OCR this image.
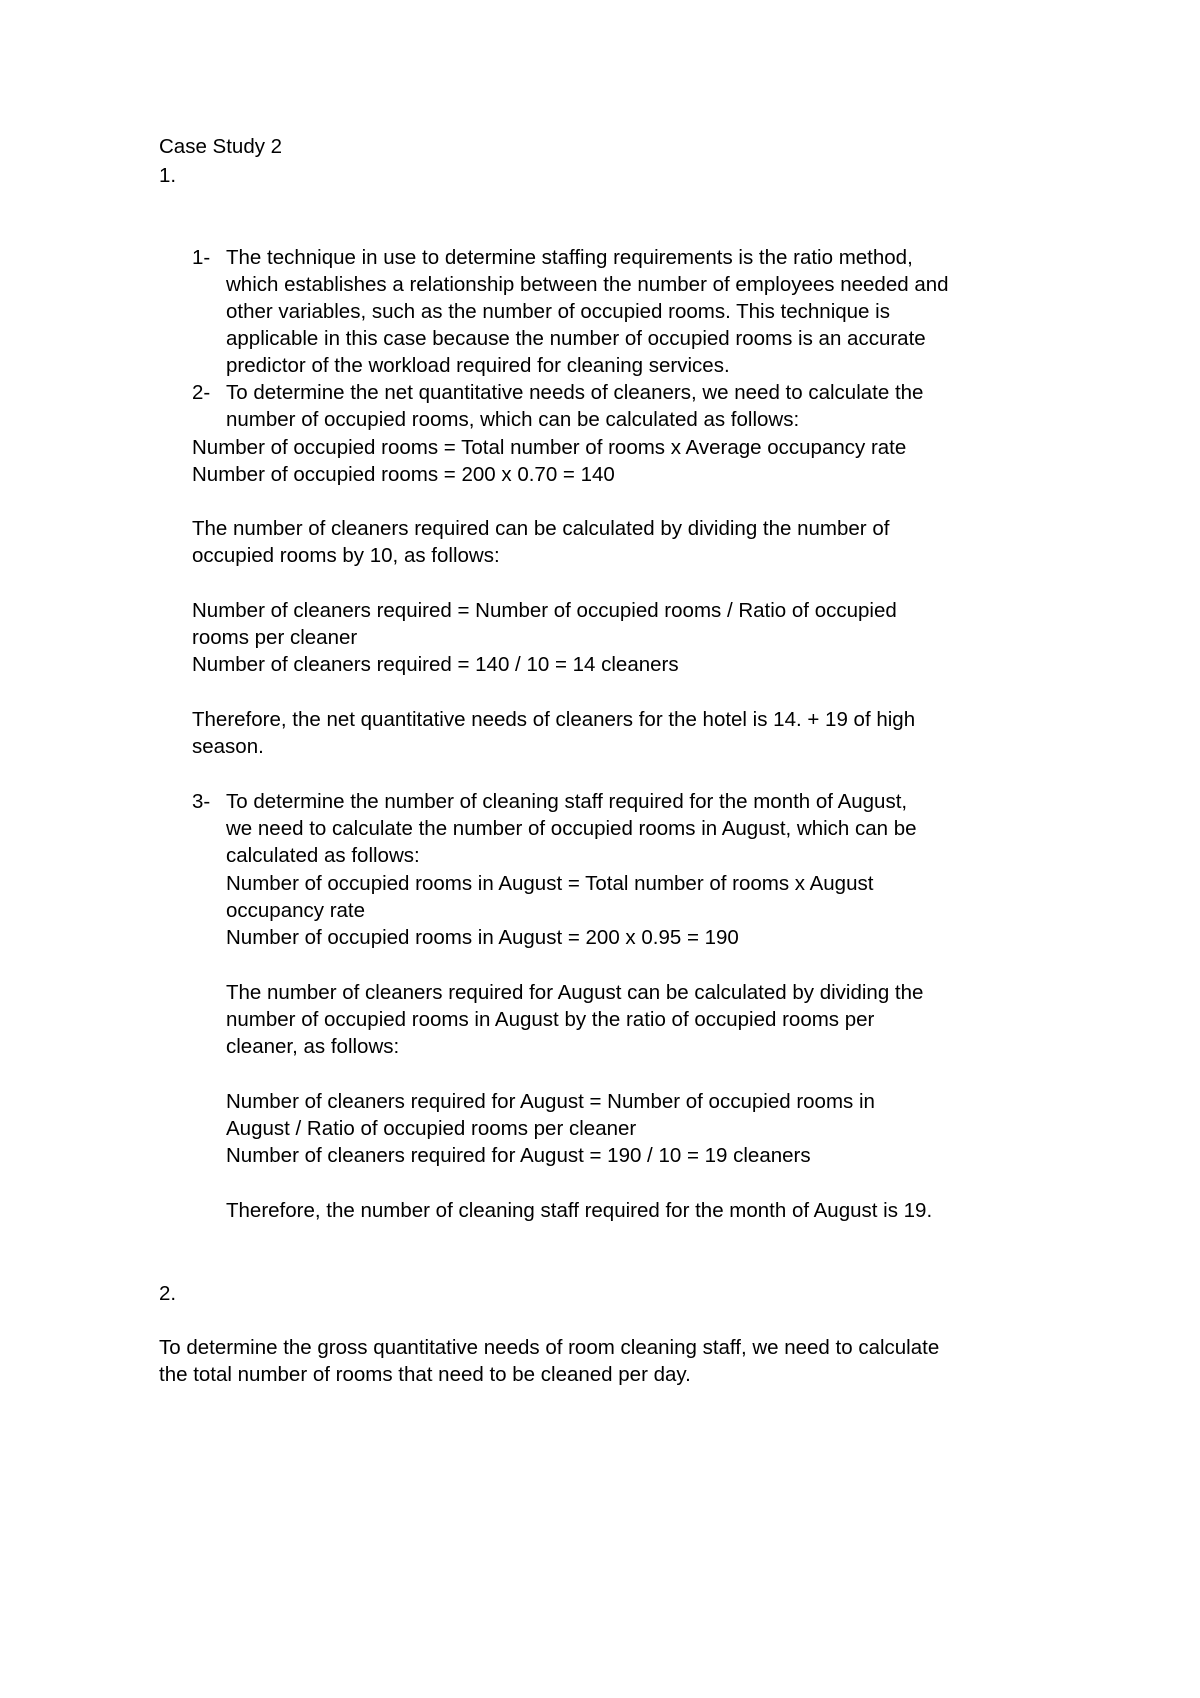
Case Study 2
1.
1- The technique in use to determine staffing requirements is the ratio method,
which establishes a relationship between the number of employees needed and
other variables, such as the number of occupied rooms. This technique is
applicable in this case because the number of occupied rooms is an accurate
predictor of the workload required for cleaning services.
2- To determine the net quantitative needs of cleaners, we need to calculate the
number of occupied rooms, which can be calculated as follows:
Number of occupied rooms = Total number of rooms x Average occupancy rate
Number of occupied rooms = 200 x 0.70 = 140
The number of cleaners required can be calculated by dividing the number of
occupied rooms by 10, as follows:
Number of cleaners required = Number of occupied rooms / Ratio of occupied
rooms per cleaner
Number of cleaners required = 140 / 10 = 14 cleaners
Therefore, the net quantitative needs of cleaners for the hotel is 14. + 19 of high
season.
3- To determine the number of cleaning staff required for the month of August,
we need to calculate the number of occupied rooms in August, which can be
calculated as follows:
Number of occupied rooms in August = Total number of rooms x August
occupancy rate
Number of occupied rooms in August = 200 x 0.95 = 190
The number of cleaners required for August can be calculated by dividing the
number of occupied rooms in August by the ratio of occupied rooms per
cleaner, as follows:
Number of cleaners required for August = Number of occupied rooms in
August / Ratio of occupied rooms per cleaner
Number of cleaners required for August = 190 / 10 = 19 cleaners
Therefore, the number of cleaning staff required for the month of August is 19.
2.
To determine the gross quantitative needs of room cleaning staff, we need to calculate
the total number of rooms that need to be cleaned per day.
